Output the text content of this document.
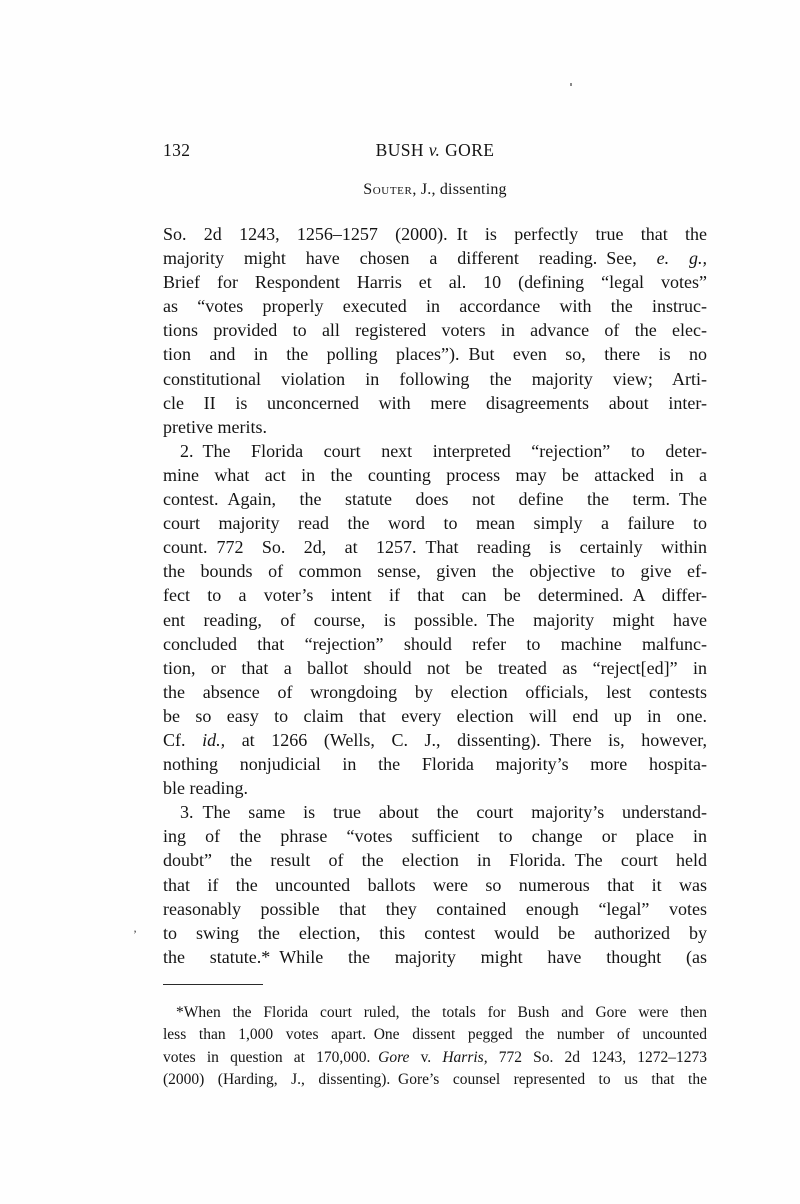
132	BUSH v. GORE
Souter, J., dissenting
So. 2d 1243, 1256–1257 (2000). It is perfectly true that the
majority might have chosen a different reading. See, e. g.,
Brief for Respondent Harris et al. 10 (defining “legal votes”
as “votes properly executed in accordance with the instruc-
tions provided to all registered voters in advance of the elec-
tion and in the polling places”). But even so, there is no
constitutional violation in following the majority view; Arti-
cle II is unconcerned with mere disagreements about inter-
pretive merits.
2. The Florida court next interpreted “rejection” to deter-
mine what act in the counting process may be attacked in a
contest. Again, the statute does not define the term. The
court majority read the word to mean simply a failure to
count. 772 So. 2d, at 1257. That reading is certainly within
the bounds of common sense, given the objective to give ef-
fect to a voter’s intent if that can be determined. A differ-
ent reading, of course, is possible. The majority might have
concluded that “rejection” should refer to machine malfunc-
tion, or that a ballot should not be treated as “reject[ed]” in
the absence of wrongdoing by election officials, lest contests
be so easy to claim that every election will end up in one.
Cf. id., at 1266 (Wells, C. J., dissenting). There is, however,
nothing nonjudicial in the Florida majority’s more hospita-
ble reading.
3. The same is true about the court majority’s understand-
ing of the phrase “votes sufficient to change or place in
doubt” the result of the election in Florida. The court held
that if the uncounted ballots were so numerous that it was
reasonably possible that they contained enough “legal” votes
to swing the election, this contest would be authorized by
the statute.* While the majority might have thought (as
*When the Florida court ruled, the totals for Bush and Gore were then
less than 1,000 votes apart. One dissent pegged the number of uncounted
votes in question at 170,000. Gore v. Harris, 772 So. 2d 1243, 1272–1273
(2000) (Harding, J., dissenting). Gore’s counsel represented to us that the
’
